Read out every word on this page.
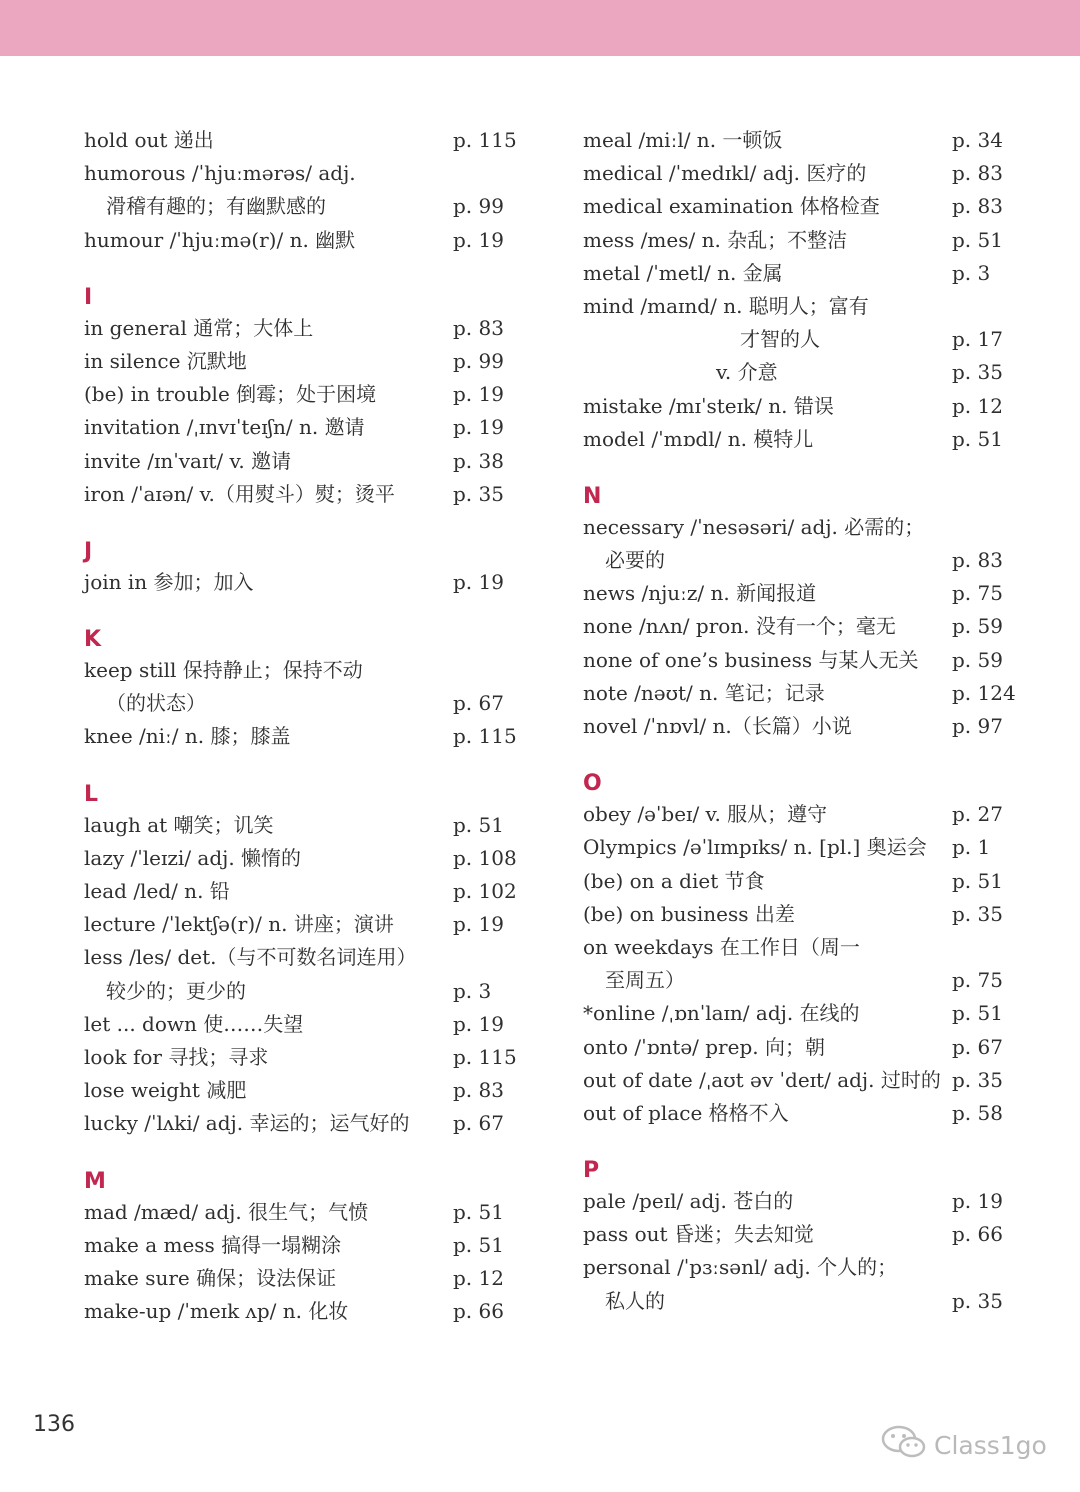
hold out 递出	p. 115
humorous /ˈhjuːmərəs/ adj.
滑稽有趣的；有幽默感的	p. 99
humour /ˈhjuːmə(r)/ n. 幽默	p. 19
I
in general 通常；大体上	p. 83
in silence 沉默地	p. 99
(be) in trouble 倒霉；处于困境	p. 19
invitation /ˌɪnvɪˈteɪʃn/ n. 邀请	p. 19
invite /ɪnˈvaɪt/ v. 邀请	p. 38
iron /ˈaɪən/ v.（用熨斗）熨；烫平	p. 35
J
join in 参加；加入	p. 19
K
keep still 保持静止；保持不动
（的状态）	p. 67
knee /niː/ n. 膝；膝盖	p. 115
L
laugh at 嘲笑；讥笑	p. 51
lazy /ˈleɪzi/ adj. 懒惰的	p. 108
lead /led/ n. 铅	p. 102
lecture /ˈlektʃə(r)/ n. 讲座；演讲	p. 19
less /les/ det.（与不可数名词连用）
较少的；更少的	p. 3
let ... down 使……失望	p. 19
look for 寻找；寻求	p. 115
lose weight 减肥	p. 83
lucky /ˈlʌki/ adj. 幸运的；运气好的 p. 67
M
mad /mæd/ adj. 很生气；气愤	p. 51
make a mess 搞得一塌糊涂	p. 51
make sure 确保；设法保证	p. 12
make-up /ˈmeɪk ʌp/ n. 化妆	p. 66
meal /miːl/ n. 一顿饭	p. 34
medical /ˈmedɪkl/ adj. 医疗的	p. 83
medical examination 体格检查	p. 83
mess /mes/ n. 杂乱；不整洁	p. 51
metal /ˈmetl/ n. 金属	p. 3
mind /maɪnd/ n. 聪明人；富有
才智的人	p. 17
v. 介意	p. 35
mistake /mɪˈsteɪk/ n. 错误	p. 12
model /ˈmɒdl/ n. 模特儿	p. 51
N
necessary /ˈnesəsəri/ adj. 必需的；
必要的	p. 83
news /njuːz/ n. 新闻报道	p. 75
none /nʌn/ pron. 没有一个；毫无	p. 59
none of one’s business 与某人无关 p. 59
note /nəʊt/ n. 笔记；记录	p. 124
novel /ˈnɒvl/ n.（长篇）小说	p. 97
O
obey /əˈbeɪ/ v. 服从；遵守	p. 27
Olympics /əˈlɪmpɪks/ n. [pl.] 奥运会 p. 1
(be) on a diet 节食	p. 51
(be) on business 出差	p. 35
on weekdays 在工作日（周一
至周五）	p. 75
*online /ˌɒnˈlaɪn/ adj. 在线的	p. 51
onto /ˈɒntə/ prep. 向；朝	p. 67
out of date /ˌaʊt əv ˈdeɪt/ adj. 过时的 p. 35
out of place 格格不入	p. 58
P
pale /peɪl/ adj. 苍白的	p. 19
pass out 昏迷；失去知觉	p. 66
personal /ˈpɜːsənl/ adj. 个人的；
私人的	p. 35
136
Class1go
